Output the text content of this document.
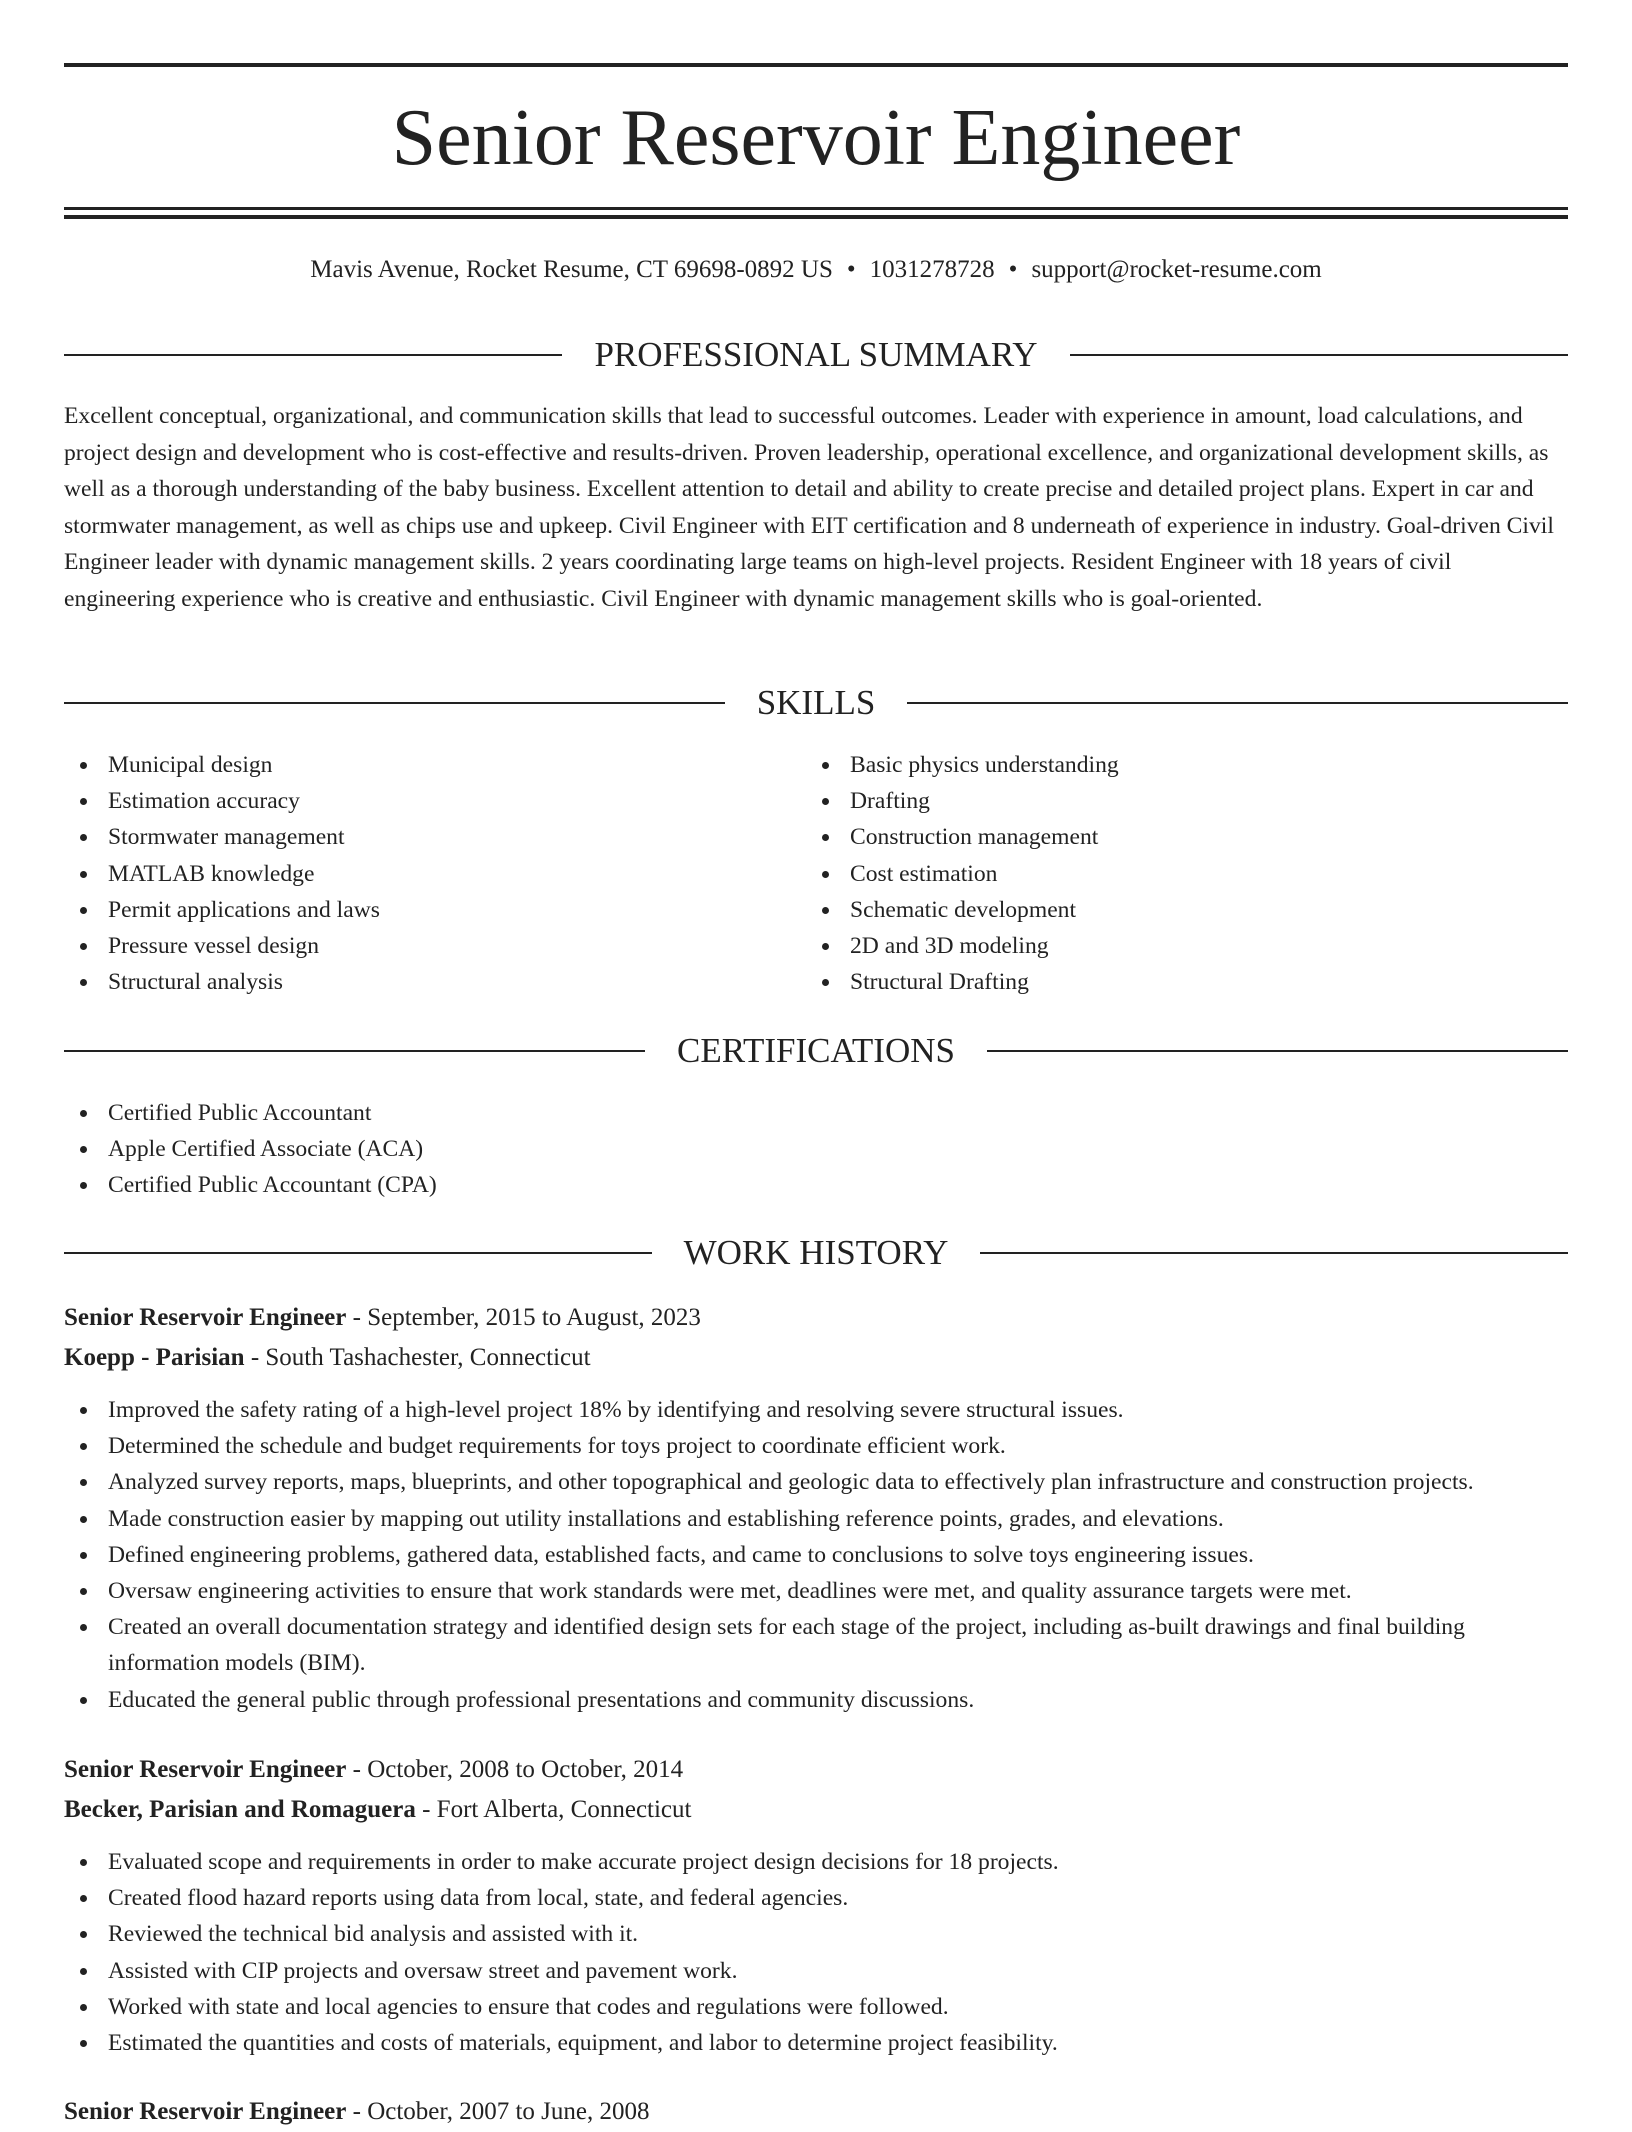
Senior Reservoir Engineer
Mavis Avenue, Rocket Resume, CT 69698-0892 US • 1031278728 • support@rocket-resume.com
PROFESSIONAL SUMMARY

Excellent conceptual, organizational, and communication skills that lead to successful outcomes. Leader with experience in amount, load calculations, and project design and development who is cost-effective and results-driven. Proven leadership, operational excellence, and organizational development skills, as well as a thorough understanding of the baby business. Excellent attention to detail and ability to create precise and detailed project plans. Expert in car and stormwater management, as well as chips use and upkeep. Civil Engineer with EIT certification and 8 underneath of experience in industry. Goal-driven Civil Engineer leader with dynamic management skills. 2 years coordinating large teams on high-level projects. Resident Engineer with 18 years of civil engineering experience who is creative and enthusiastic. Civil Engineer with dynamic management skills who is goal-oriented.

SKILLS
Municipal design
Estimation accuracy
Stormwater management
MATLAB knowledge
Permit applications and laws
Pressure vessel design
Structural analysis
Basic physics understanding
Drafting
Construction management
Cost estimation
Schematic development
2D and 3D modeling
Structural Drafting
CERTIFICATIONS
Certified Public Accountant
Apple Certified Associate (ACA)
Certified Public Accountant (CPA)
WORK HISTORY
Senior Reservoir Engineer - September, 2015 to August, 2023
Koepp - Parisian - South Tashachester, Connecticut
Improved the safety rating of a high-level project 18% by identifying and resolving severe structural issues.
Determined the schedule and budget requirements for toys project to coordinate efficient work.
Analyzed survey reports, maps, blueprints, and other topographical and geologic data to effectively plan infrastructure and construction projects.
Made construction easier by mapping out utility installations and establishing reference points, grades, and elevations.
Defined engineering problems, gathered data, established facts, and came to conclusions to solve toys engineering issues.
Oversaw engineering activities to ensure that work standards were met, deadlines were met, and quality assurance targets were met.
Created an overall documentation strategy and identified design sets for each stage of the project, including as-built drawings and final building information models (BIM).
Educated the general public through professional presentations and community discussions.
Senior Reservoir Engineer - October, 2008 to October, 2014
Becker, Parisian and Romaguera - Fort Alberta, Connecticut
Evaluated scope and requirements in order to make accurate project design decisions for 18 projects.
Created flood hazard reports using data from local, state, and federal agencies.
Reviewed the technical bid analysis and assisted with it.
Assisted with CIP projects and oversaw street and pavement work.
Worked with state and local agencies to ensure that codes and regulations were followed.
Estimated the quantities and costs of materials, equipment, and labor to determine project feasibility.
Senior Reservoir Engineer - October, 2007 to June, 2008
